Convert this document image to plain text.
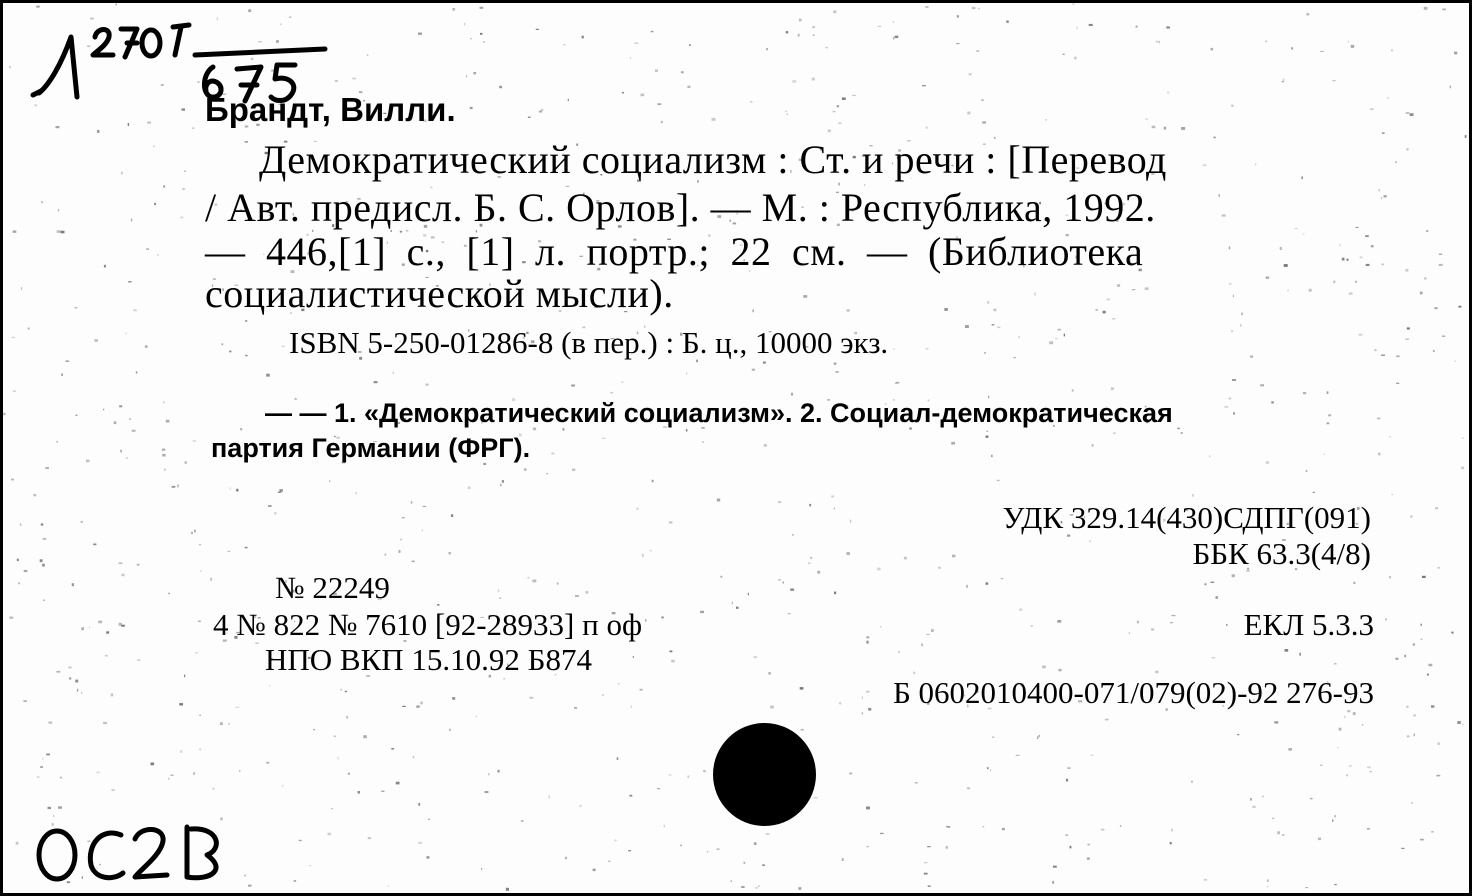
Брандт, Вилли.
Демократический социализм : Ст. и речи : [Перевод
/ Авт. предисл. Б. С. Орлов]. — М. : Республика, 1992.
— 446,[1] с., [1] л. портр.; 22 см. — (Библиотека
социалистической мысли).
ISBN 5-250-01286-8 (в пер.) : Б. ц., 10000 экз.
— — 1. «Демократический социализм». 2. Социал-демократическая
партия Германии (ФРГ).
УДК 329.14(430)СДПГ(091)
ББК 63.3(4/8)
ЕКЛ 5.3.3
№ 22249
4 № 822 № 7610 [92-28933] п оф
НПО ВКП 15.10.92 Б874
Б 0602010400-071/079(02)-92 276-93
